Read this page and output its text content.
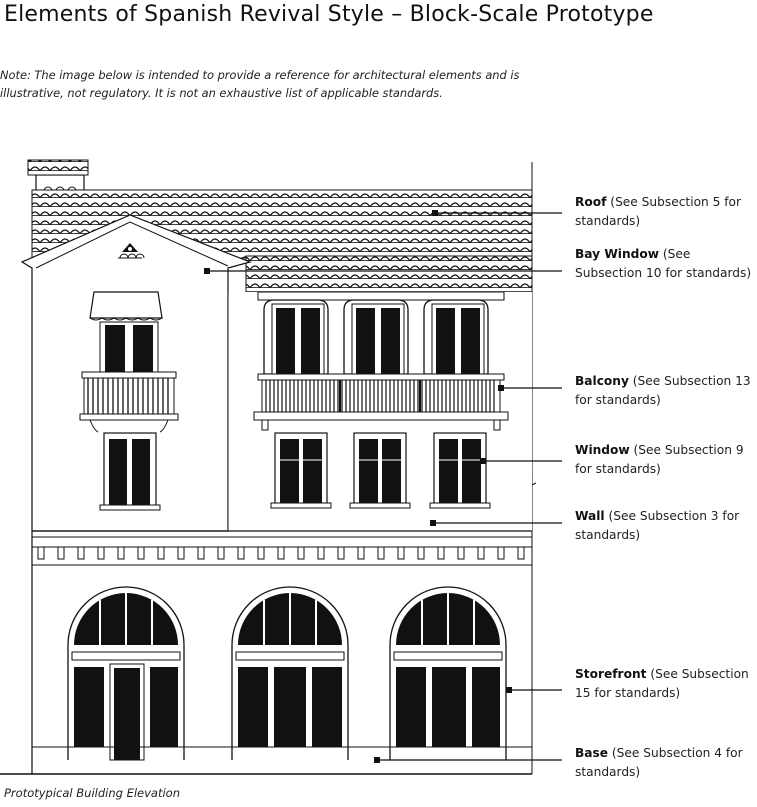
Elements of Spanish Revival Style – Block-Scale Prototype
Note: The image below is intended to provide a reference for architectural elements and is illustrative, not regulatory. It is not an exhaustive list of applicable standards.
Roof (See Subsection 5 for standards)
Bay Window (See Subsection 10 for standards)
Balcony (See Subsection 13 for standards)
Window (See Subsection 9 for standards)
Wall (See Subsection 3 for standards)
Storefront (See Subsection 15 for standards)
Base (See Subsection 4 for standards)
Prototypical Building Elevation
